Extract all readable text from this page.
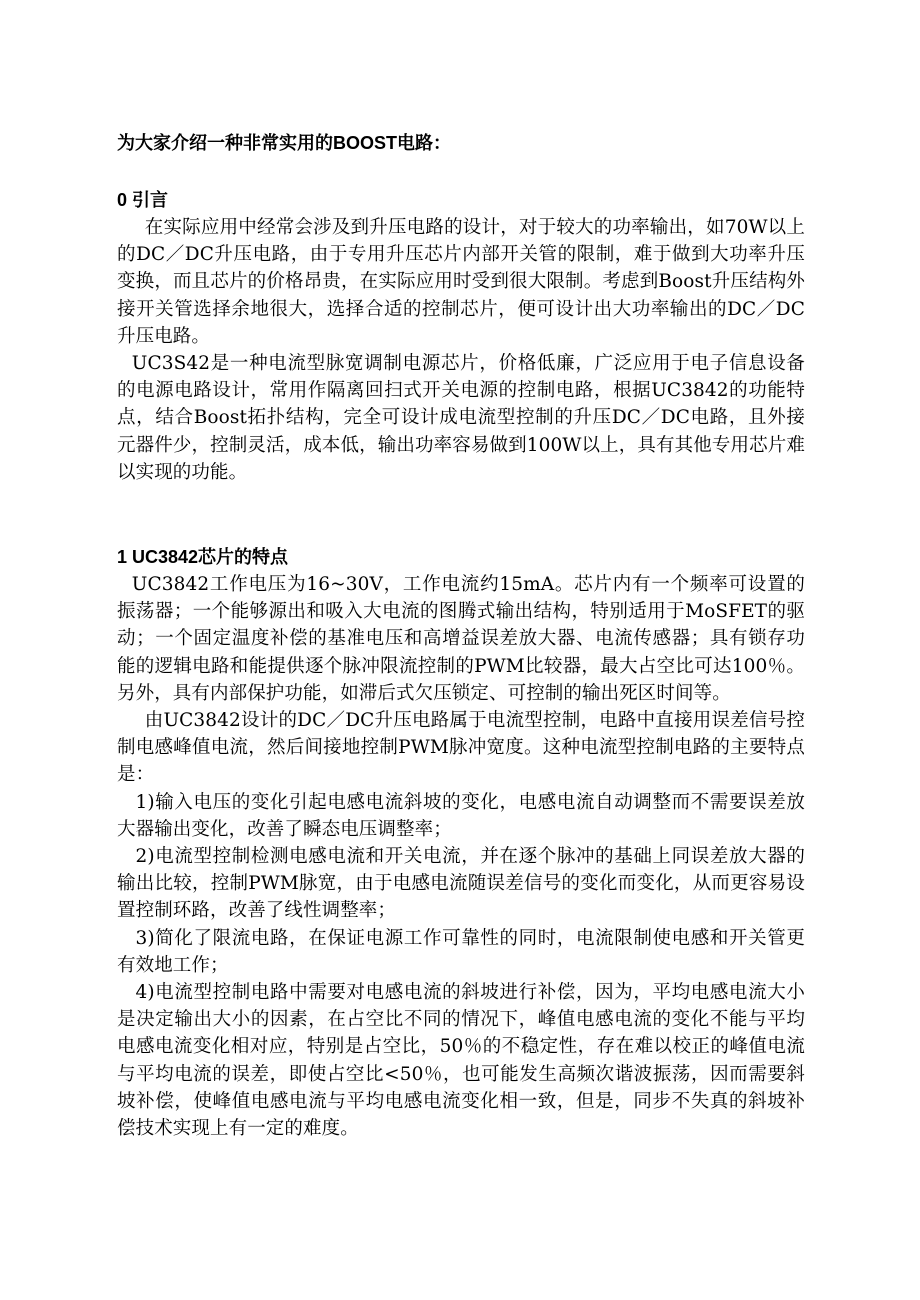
为大家介绍一种非常实用的BOOST电路：

0 引言

在实际应用中经常会涉及到升压电路的设计，对于较大的功率输出，如70W以上的DC／DC升压电路，由于专用升压芯片内部开关管的限制，难于做到大功率升压变换，而且芯片的价格昂贵，在实际应用时受到很大限制。考虑到Boost升压结构外接开关管选择余地很大，选择合适的控制芯片，便可设计出大功率输出的DC／DC升压电路。

UC3S42是一种电流型脉宽调制电源芯片，价格低廉，广泛应用于电子信息设备的电源电路设计，常用作隔离回扫式开关电源的控制电路，根据UC3842的功能特点，结合Boost拓扑结构，完全可设计成电流型控制的升压DC／DC电路，且外接元器件少，控制灵活，成本低，输出功率容易做到100W以上，具有其他专用芯片难以实现的功能。

1 UC3842芯片的特点

UC3842工作电压为16~30V，工作电流约15mA。芯片内有一个频率可设置的振荡器；一个能够源出和吸入大电流的图腾式输出结构，特别适用于MoSFET的驱动；一个固定温度补偿的基准电压和高增益误差放大器、电流传感器；具有锁存功能的逻辑电路和能提供逐个脉冲限流控制的PWM比较器，最大占空比可达100％。另外，具有内部保护功能，如滞后式欠压锁定、可控制的输出死区时间等。

由UC3842设计的DC／DC升压电路属于电流型控制，电路中直接用误差信号控制电感峰值电流，然后间接地控制PWM脉冲宽度。这种电流型控制电路的主要特点是：

1)输入电压的变化引起电感电流斜坡的变化，电感电流自动调整而不需要误差放大器输出变化，改善了瞬态电压调整率；

2)电流型控制检测电感电流和开关电流，并在逐个脉冲的基础上同误差放大器的输出比较，控制PWM脉宽，由于电感电流随误差信号的变化而变化，从而更容易设置控制环路，改善了线性调整率；

3)简化了限流电路，在保证电源工作可靠性的同时，电流限制使电感和开关管更有效地工作；

4)电流型控制电路中需要对电感电流的斜坡进行补偿，因为，平均电感电流大小是决定输出大小的因素，在占空比不同的情况下，峰值电感电流的变化不能与平均电感电流变化相对应，特别是占空比，50％的不稳定性，存在难以校正的峰值电流与平均电流的误差，即使占空比<50％，也可能发生高频次谐波振荡，因而需要斜坡补偿，使峰值电感电流与平均电感电流变化相一致，但是，同步不失真的斜坡补偿技术实现上有一定的难度。
